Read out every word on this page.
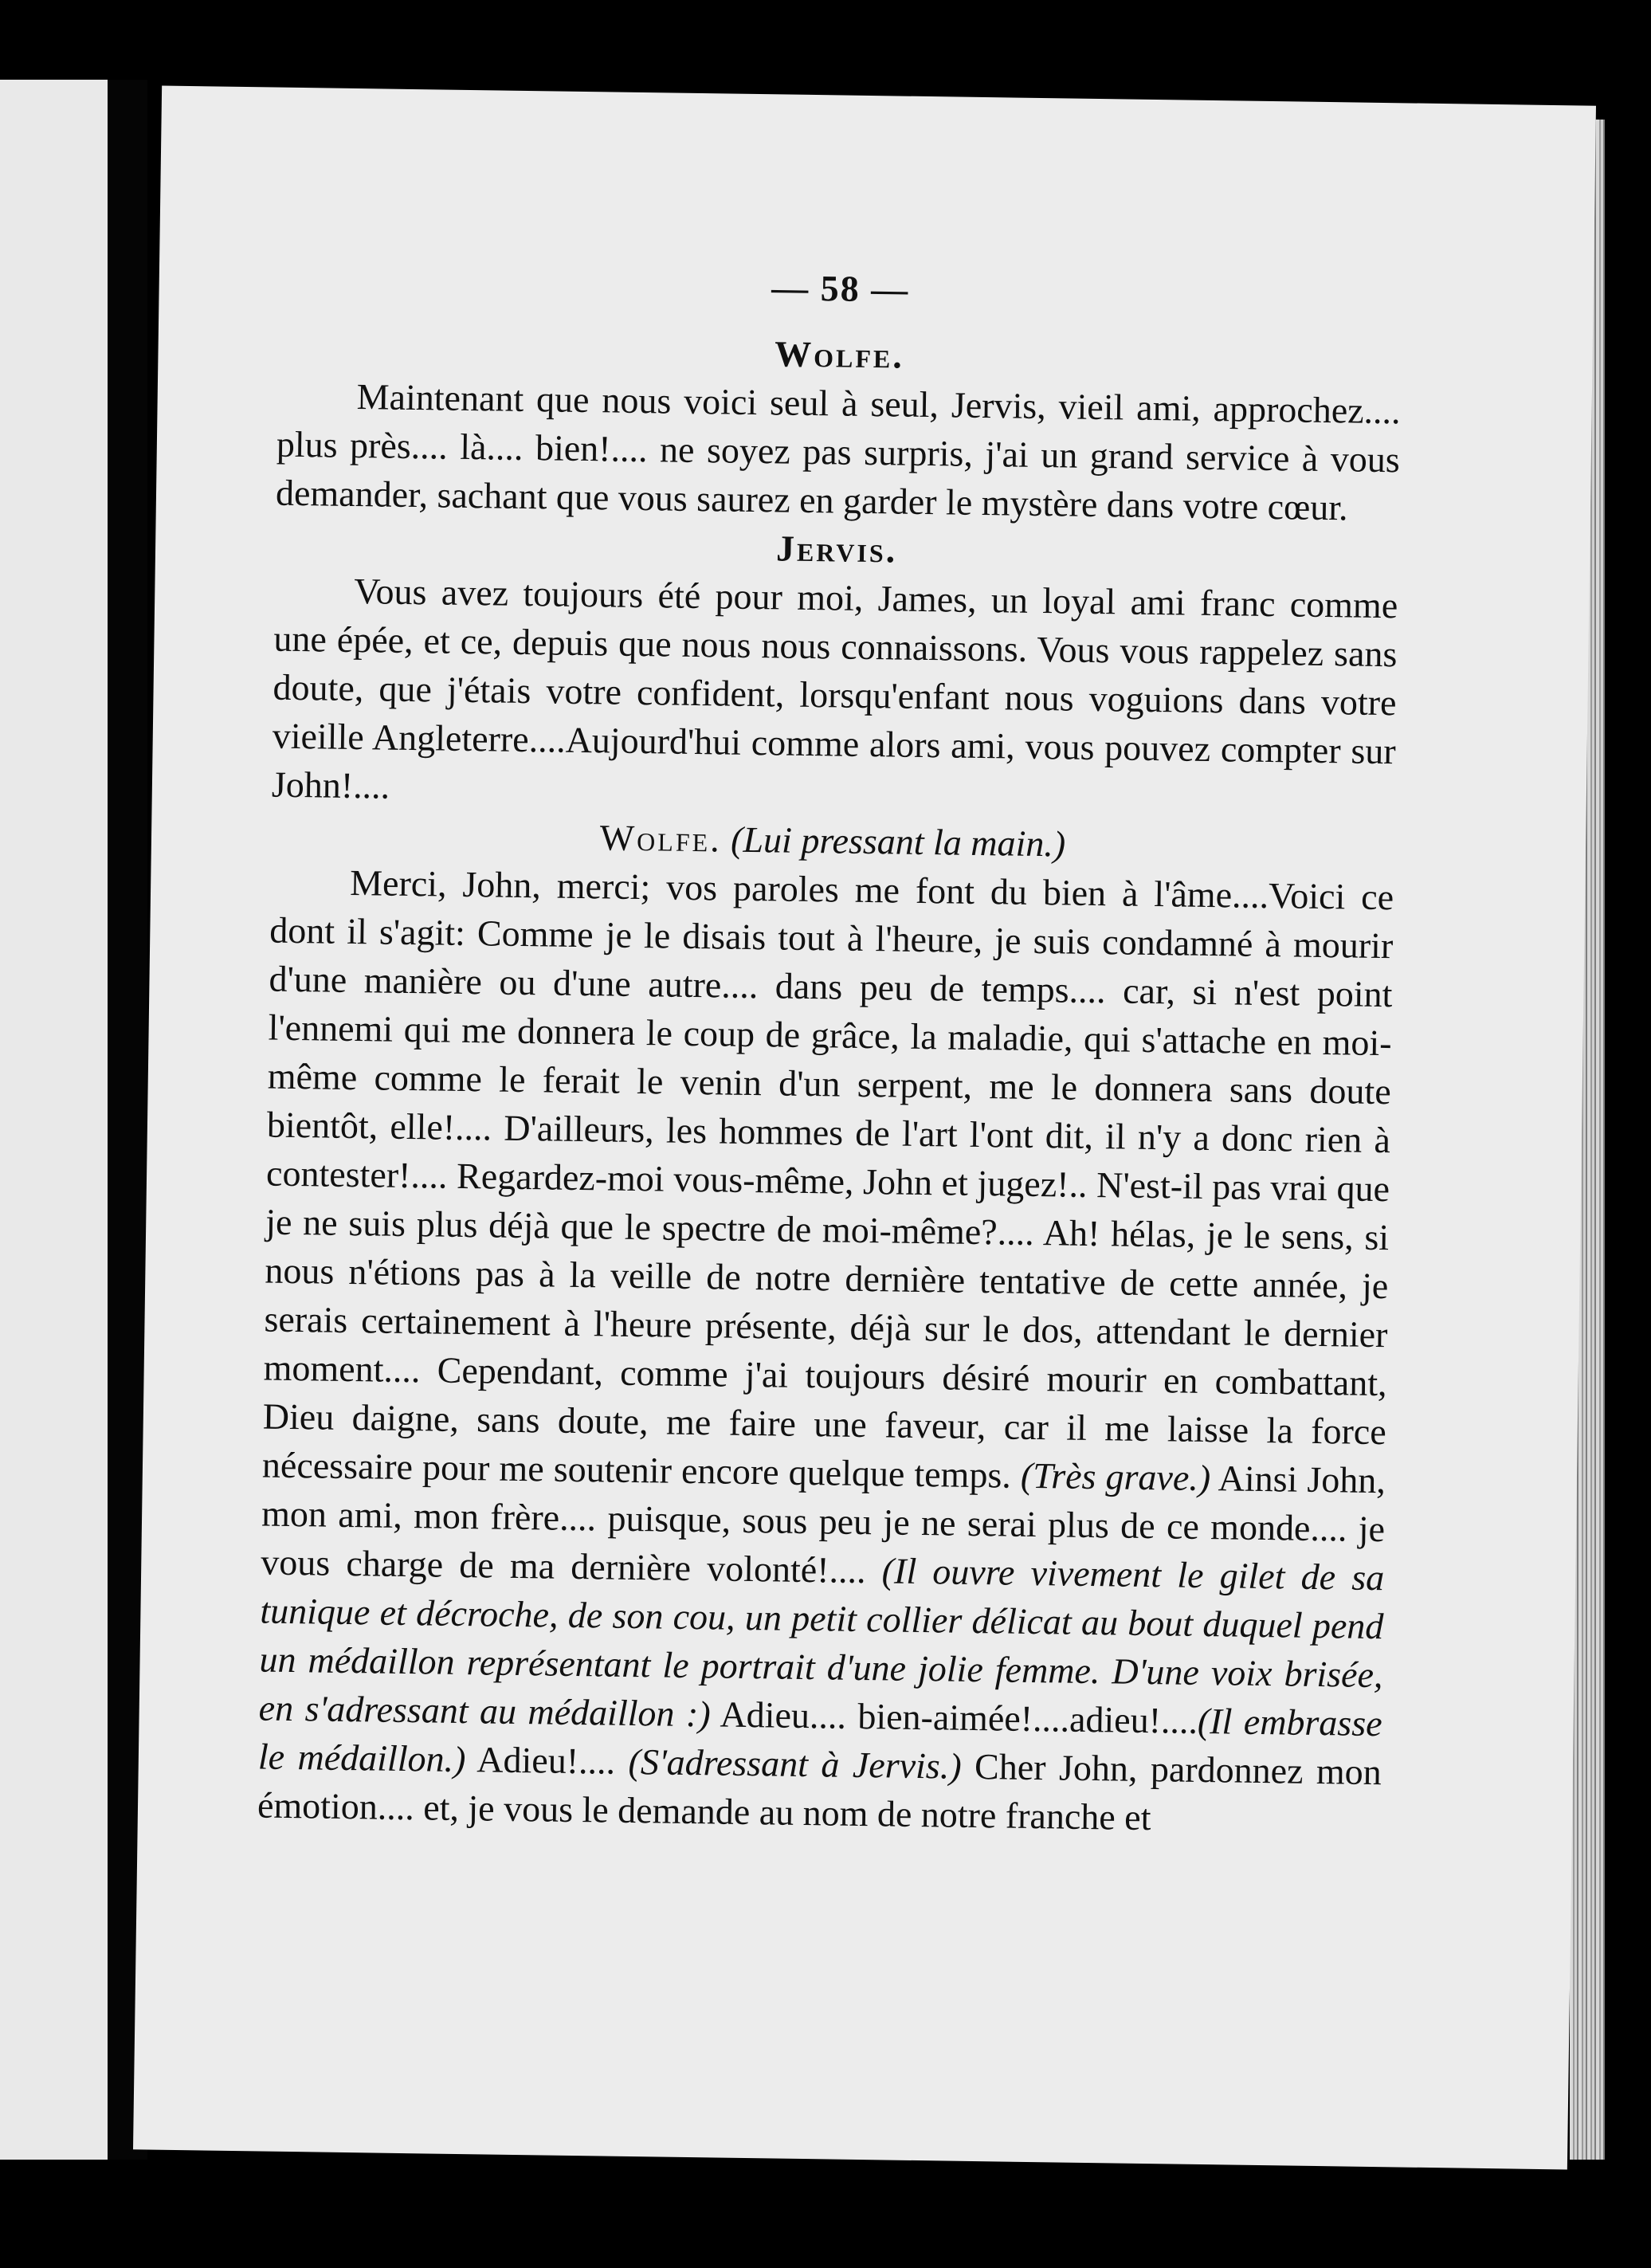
— 58 —
Wolfe.

Maintenant que nous voici seul à seul, Jervis, vieil ami, approchez.... plus près.... là.... bien!.... ne soyez pas surpris, j'ai un grand service à vous demander, sachant que vous saurez en garder le mystère dans votre cœur.

Jervis.

Vous avez toujours été pour moi, James, un loyal ami franc comme une épée, et ce, depuis que nous nous connaissons. Vous vous rappelez sans doute, que j'étais votre confident, lorsqu'enfant nous voguions dans votre vieille Angleterre....Aujourd'hui comme alors ami, vous pouvez compter sur John!....

Wolfe. (Lui pressant la main.)

Merci, John, merci; vos paroles me font du bien à l'âme....Voici ce dont il s'agit: Comme je le disais tout à l'heure, je suis condamné à mourir d'une manière ou d'une autre.... dans peu de temps.... car, si n'est point l'ennemi qui me donnera le coup de grâce, la maladie, qui s'attache en moi-même comme le ferait le venin d'un serpent, me le donnera sans doute bientôt, elle!.... D'ailleurs, les hommes de l'art l'ont dit, il n'y a donc rien à contester!.... Regardez-moi vous-même, John et jugez!.. N'est-il pas vrai que je ne suis plus déjà que le spectre de moi-même?.... Ah! hélas, je le sens, si nous n'étions pas à la veille de notre dernière tentative de cette année, je serais certainement à l'heure présente, déjà sur le dos, attendant le dernier moment.... Cependant, comme j'ai toujours désiré mourir en combattant, Dieu daigne, sans doute, me faire une faveur, car il me laisse la force nécessaire pour me soutenir encore quelque temps. (Très grave.) Ainsi John, mon ami, mon frère.... puisque, sous peu je ne serai plus de ce monde.... je vous charge de ma dernière volonté!.... (Il ouvre vivement le gilet de sa tunique et décroche, de son cou, un petit collier délicat au bout duquel pend un médaillon représentant le portrait d'une jolie femme. D'une voix brisée, en s'adressant au médaillon :) Adieu.... bien-aimée!....adieu!....(Il embrasse le médaillon.) Adieu!.... (S'adressant à Jervis.) Cher John, pardonnez mon émotion.... et, je vous le demande au nom de notre franche et
